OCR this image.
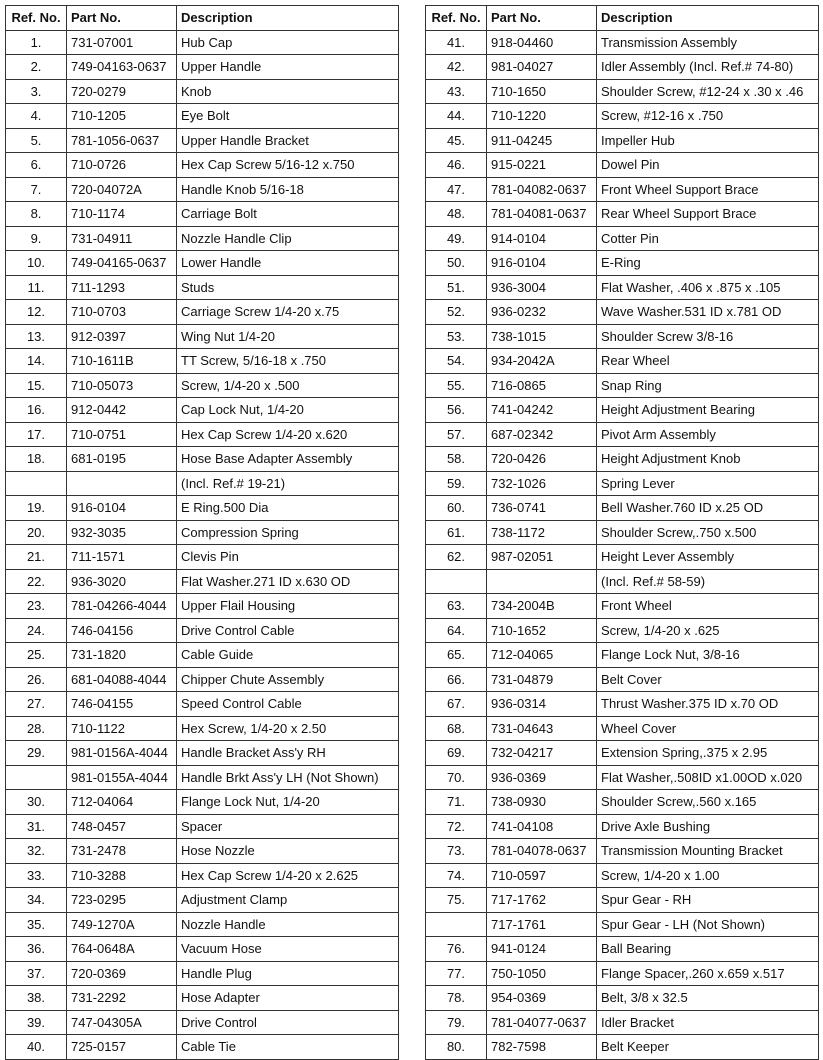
Ref. No.	Part No.	Description
1.	731-07001	Hub Cap
2.	749-04163-0637	Upper Handle
3.	720-0279	Knob
4.	710-1205	Eye Bolt
5.	781-1056-0637	Upper Handle Bracket
6.	710-0726	Hex Cap Screw 5/16-12 x.750
7.	720-04072A	Handle Knob 5/16-18
8.	710-1174	Carriage Bolt
9.	731-04911	Nozzle Handle Clip
10.	749-04165-0637	Lower Handle
11.	711-1293	Studs
12.	710-0703	Carriage Screw 1/4-20 x.75
13.	912-0397	Wing Nut 1/4-20
14.	710-1611B	TT Screw, 5/16-18 x .750
15.	710-05073	Screw, 1/4-20 x .500
16.	912-0442	Cap Lock Nut, 1/4-20
17.	710-0751	Hex Cap Screw 1/4-20 x.620
18.	681-0195	Hose Base Adapter Assembly
		(Incl. Ref.# 19-21)
19.	916-0104	E Ring.500 Dia
20.	932-3035	Compression Spring
21.	711-1571	Clevis Pin
22.	936-3020	Flat Washer.271 ID x.630 OD
23.	781-04266-4044	Upper Flail Housing
24.	746-04156	Drive Control Cable
25.	731-1820	Cable Guide
26.	681-04088-4044	Chipper Chute Assembly
27.	746-04155	Speed Control Cable
28.	710-1122	Hex Screw, 1/4-20 x 2.50
29.	981-0156A-4044	Handle Bracket Ass'y RH
	981-0155A-4044	Handle Brkt Ass'y LH (Not Shown)
30.	712-04064	Flange Lock Nut, 1/4-20
31.	748-0457	Spacer
32.	731-2478	Hose Nozzle
33.	710-3288	Hex Cap Screw 1/4-20 x 2.625
34.	723-0295	Adjustment Clamp
35.	749-1270A	Nozzle Handle
36.	764-0648A	Vacuum Hose
37.	720-0369	Handle Plug
38.	731-2292	Hose Adapter
39.	747-04305A	Drive Control
40.	725-0157	Cable Tie
Ref. No.	Part No.	Description
41.	918-04460	Transmission Assembly
42.	981-04027	Idler Assembly (Incl. Ref.# 74-80)
43.	710-1650	Shoulder Screw, #12-24 x .30 x .46
44.	710-1220	Screw, #12-16 x .750
45.	911-04245	Impeller Hub
46.	915-0221	Dowel Pin
47.	781-04082-0637	Front Wheel Support Brace
48.	781-04081-0637	Rear Wheel Support Brace
49.	914-0104	Cotter Pin
50.	916-0104	E-Ring
51.	936-3004	Flat Washer, .406 x .875 x .105
52.	936-0232	Wave Washer.531 ID x.781 OD
53.	738-1015	Shoulder Screw 3/8-16
54.	934-2042A	Rear Wheel
55.	716-0865	Snap Ring
56.	741-04242	Height Adjustment Bearing
57.	687-02342	Pivot Arm Assembly
58.	720-0426	Height Adjustment Knob
59.	732-1026	Spring Lever
60.	736-0741	Bell Washer.760 ID x.25 OD
61.	738-1172	Shoulder Screw,.750 x.500
62.	987-02051	Height Lever Assembly
		(Incl. Ref.# 58-59)
63.	734-2004B	Front Wheel
64.	710-1652	Screw, 1/4-20 x .625
65.	712-04065	Flange Lock Nut, 3/8-16
66.	731-04879	Belt Cover
67.	936-0314	Thrust Washer.375 ID x.70 OD
68.	731-04643	Wheel Cover
69.	732-04217	Extension Spring,.375 x 2.95
70.	936-0369	Flat Washer,.508ID x1.00OD x.020
71.	738-0930	Shoulder Screw,.560 x.165
72.	741-04108	Drive Axle Bushing
73.	781-04078-0637	Transmission Mounting Bracket
74.	710-0597	Screw, 1/4-20 x 1.00
75.	717-1762	Spur Gear - RH
	717-1761	Spur Gear - LH (Not Shown)
76.	941-0124	Ball Bearing
77.	750-1050	Flange Spacer,.260 x.659 x.517
78.	954-0369	Belt, 3/8 x 32.5
79.	781-04077-0637	Idler Bracket
80.	782-7598	Belt Keeper
